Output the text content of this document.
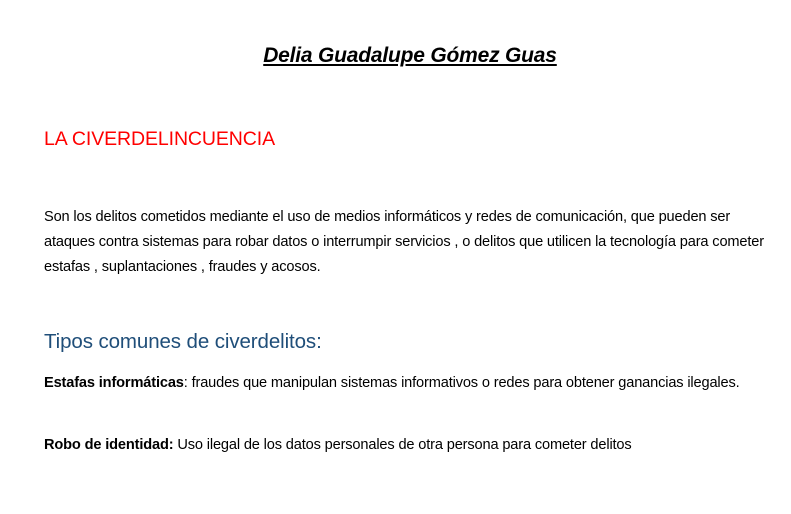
Delia Guadalupe Gómez Guas
LA CIVERDELINCUENCIA

Son los delitos cometidos mediante el uso de medios informáticos y redes de comunicación, que pueden ser ataques contra sistemas para robar datos o interrumpir servicios , o delitos que utilicen la tecnología para cometer estafas , suplantaciones , fraudes y acosos.

Tipos comunes de civerdelitos:

Estafas informáticas: fraudes que manipulan sistemas informativos o redes para obtener ganancias ilegales.

Robo de identidad: Uso ilegal de los datos personales de otra persona para cometer delitos
